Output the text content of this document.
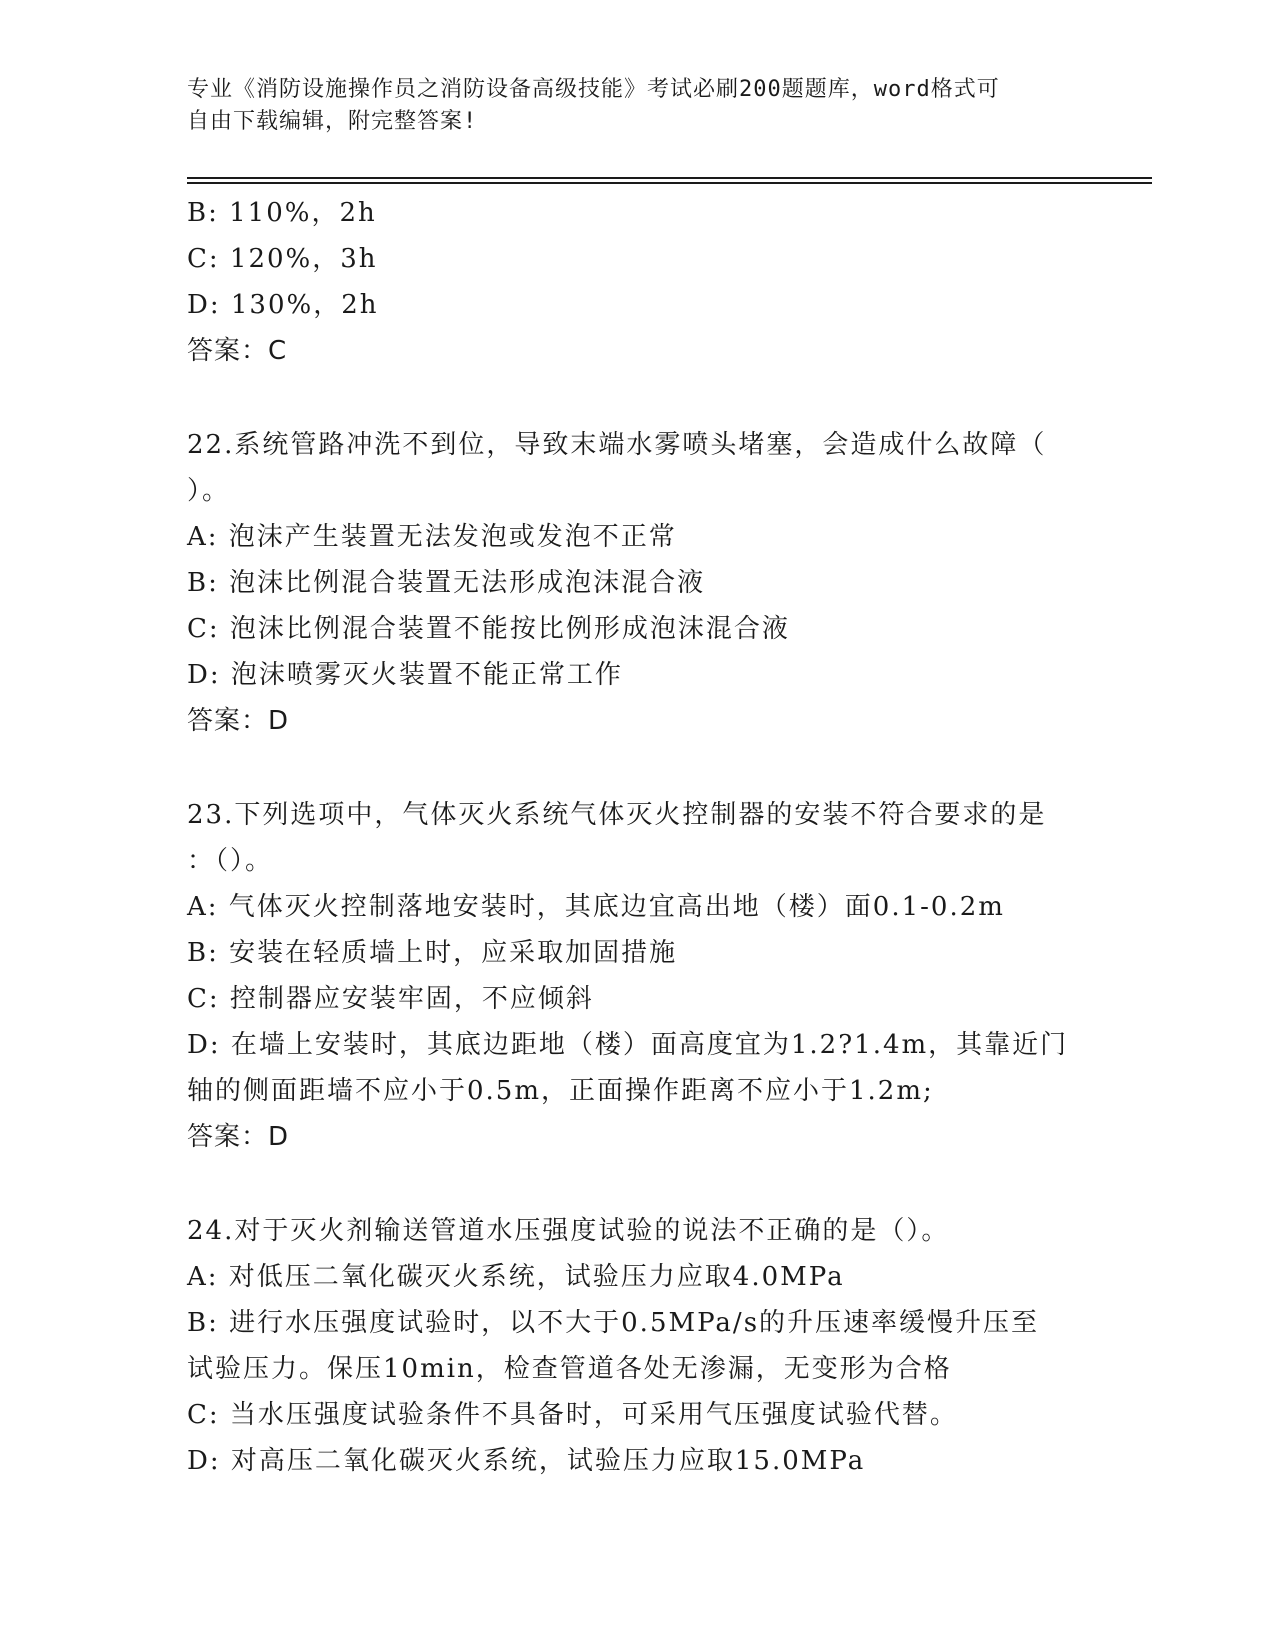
专业《消防设施操作员之消防设备高级技能》考试必刷200题题库，word格式可
自由下载编辑，附完整答案!
B: 110%，2h
C: 120%，3h
D: 130%，2h
答案：C
22.系统管路冲洗不到位，导致末端水雾喷头堵塞，会造成什么故障（
）。
A: 泡沫产生装置无法发泡或发泡不正常
B: 泡沫比例混合装置无法形成泡沫混合液
C: 泡沫比例混合装置不能按比例形成泡沫混合液
D: 泡沫喷雾灭火装置不能正常工作
答案：D
23.下列选项中，气体灭火系统气体灭火控制器的安装不符合要求的是
：（）。
A: 气体灭火控制落地安装时，其底边宜高出地（楼）面0.1-0.2m
B: 安装在轻质墙上时，应采取加固措施
C: 控制器应安装牢固，不应倾斜
D: 在墙上安装时，其底边距地（楼）面高度宜为1.2?1.4m，其靠近门
轴的侧面距墙不应小于0.5m，正面操作距离不应小于1.2m;
答案：D
24.对于灭火剂输送管道水压强度试验的说法不正确的是（）。
A: 对低压二氧化碳灭火系统，试验压力应取4.0MPa
B: 进行水压强度试验时，以不大于0.5MPa/s的升压速率缓慢升压至
试验压力。保压10min，检查管道各处无渗漏，无变形为合格
C: 当水压强度试验条件不具备时，可采用气压强度试验代替。
D: 对高压二氧化碳灭火系统，试验压力应取15.0MPa
